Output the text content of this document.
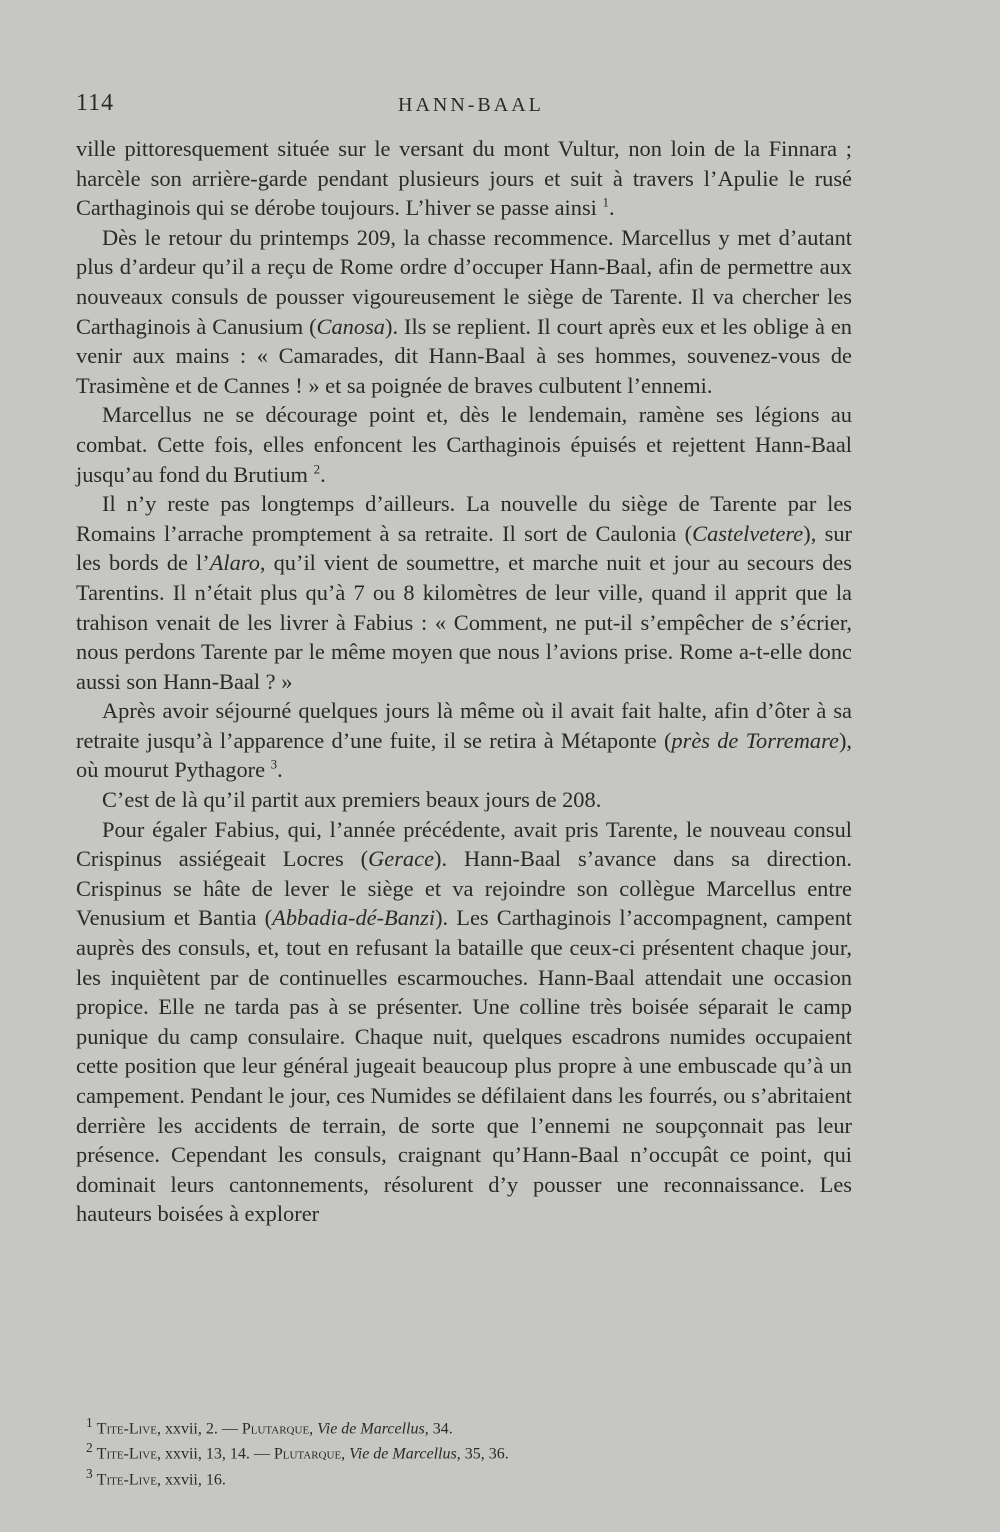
114	HANN-BAAL

ville pittoresquement située sur le versant du mont Vultur, non loin de la Finnara ; harcèle son arrière-garde pendant plusieurs jours et suit à travers l’Apulie le rusé Carthaginois qui se dérobe toujours. L’hiver se passe ainsi $^1$.

Dès le retour du printemps 209, la chasse recommence. Marcellus y met d’autant plus d’ardeur qu’il a reçu de Rome ordre d’occuper Hann-Baal, afin de permettre aux nouveaux consuls de pousser vigoureusement le siège de Tarente. Il va chercher les Carthaginois à Canusium (Canosa). Ils se replient. Il court après eux et les oblige à en venir aux mains : « Camarades, dit Hann-Baal à ses hommes, souvenez-vous de Trasimène et de Cannes ! » et sa poignée de braves culbutent l’ennemi.

Marcellus ne se décourage point et, dès le lendemain, ramène ses légions au combat. Cette fois, elles enfoncent les Carthaginois épuisés et rejettent Hann-Baal jusqu’au fond du Brutium $^2$.

Il n’y reste pas longtemps d’ailleurs. La nouvelle du siège de Tarente par les Romains l’arrache promptement à sa retraite. Il sort de Caulonia (Castelvetere), sur les bords de l’Alaro, qu’il vient de soumettre, et marche nuit et jour au secours des Tarentins. Il n’était plus qu’à 7 ou 8 kilomètres de leur ville, quand il apprit que la trahison venait de les livrer à Fabius : « Comment, ne put-il s’empêcher de s’écrier, nous perdons Tarente par le même moyen que nous l’avions prise. Rome a-t-elle donc aussi son Hann-Baal ? »

Après avoir séjourné quelques jours là même où il avait fait halte, afin d’ôter à sa retraite jusqu’à l’apparence d’une fuite, il se retira à Métaponte (près de Torremare), où mourut Pythagore $^3$.

C’est de là qu’il partit aux premiers beaux jours de 208.

Pour égaler Fabius, qui, l’année précédente, avait pris Tarente, le nouveau consul Crispinus assiégeait Locres (Gerace). Hann-Baal s’avance dans sa direction. Crispinus se hâte de lever le siège et va rejoindre son collègue Marcellus entre Venusium et Bantia (Abbadia-dé-Banzi). Les Carthaginois l’accompagnent, campent auprès des consuls, et, tout en refusant la bataille que ceux-ci présentent chaque jour, les inquiètent par de continuelles escarmouches. Hann-Baal attendait une occasion propice. Elle ne tarda pas à se présenter. Une colline très boisée séparait le camp punique du camp consulaire. Chaque nuit, quelques escadrons numides occupaient cette position que leur général jugeait beaucoup plus propre à une embuscade qu’à un campement. Pendant le jour, ces Numides se défilaient dans les fourrés, ou s’abritaient derrière les accidents de terrain, de sorte que l’ennemi ne soupçonnait pas leur présence. Cependant les consuls, craignant qu’Hann-Baal n’occupât ce point, qui dominait leurs cantonnements, résolurent d’y pousser une reconnaissance. Les hauteurs boisées à explorer

$^1$ Tite-Live, xxvii, 2. — Plutarque, Vie de Marcellus, 34.

$^2$ Tite-Live, xxvii, 13, 14. — Plutarque, Vie de Marcellus, 35, 36.

$^3$ Tite-Live, xxvii, 16.
